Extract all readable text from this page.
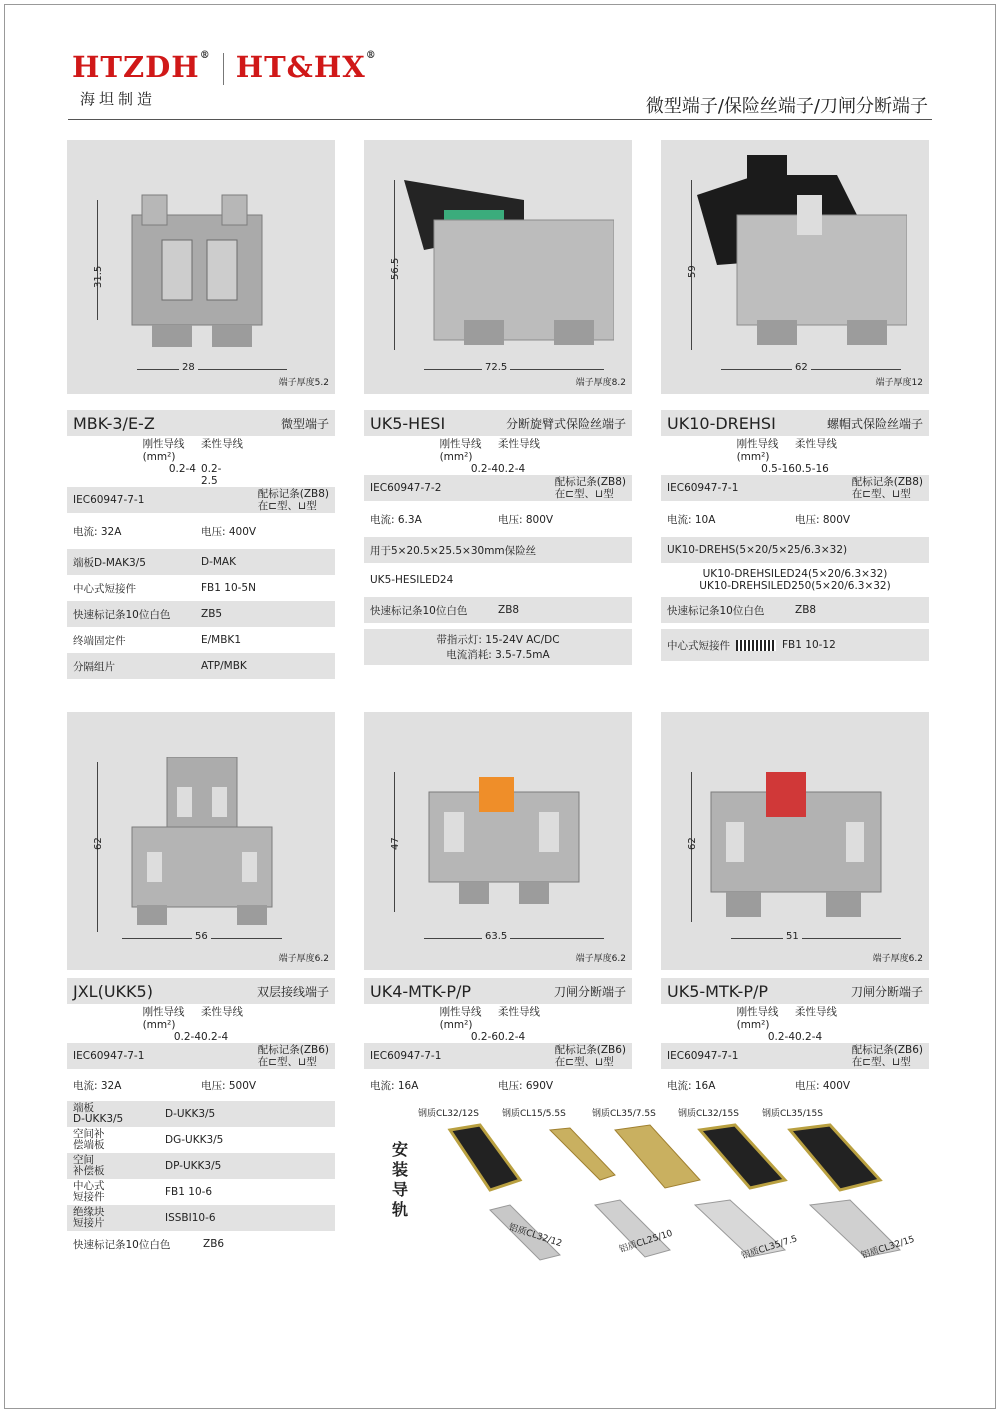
HTZDH® HT&HX®
海坦制造	微型端子/保险丝端子/刀闸分断端子
31.5
28
端子厚度5.2
MBK-3/E-Z	微型端子
刚性导线(mm²)
柔性导线
0.2-4 0.2-2.5
IEC60947-7-1	配标记条(ZB8)
在⊏型、⊔型
电流: 32A	电压: 400V
端板D-MAK3/5	D-MAK
中心式短接件	FB1 10-5N
快速标记条10位白色	ZB5
终端固定件	E/MBK1
分隔组片	ATP/MBK
56.5
72.5
端子厚度8.2
UK5-HESI	分断旋臂式保险丝端子
刚性导线(mm²)
柔性导线
0.2-4 0.2-4
IEC60947-7-2	配标记条(ZB8)
在⊏型、⊔型
电流: 6.3A	电压: 800V
用于5×20.5×25.5×30mm保险丝
UK5-HESILED24
快速标记条10位白色	ZB8
带指示灯: 15-24V AC/DC
电流消耗: 3.5-7.5mA
59
62
端子厚度12
UK10-DREHSI	螺帽式保险丝端子
刚性导线(mm²)
柔性导线
0.5-16 0.5-16
IEC60947-7-1	配标记条(ZB8)
在⊏型、⊔型
电流: 10A	电压: 800V
UK10-DREHS(5×20/5×25/6.3×32)
UK10-DREHSILED24(5×20/6.3×32)
UK10-DREHSILED250(5×20/6.3×32)
快速标记条10位白色	ZB8
中心式短接件	FB1 10-12
62
56
端子厚度6.2
JXL(UKK5)	双层接线端子
刚性导线(mm²)
柔性导线
0.2-4 0.2-4
IEC60947-7-1	配标记条(ZB6)
在⊏型、⊔型
电流: 32A	电压: 500V
端板
D-UKK3/5	D-UKK3/5
空间补
偿端板	DG-UKK3/5
空间
补偿板	DP-UKK3/5
中心式
短接件	FB1 10-6
绝缘块
短接片	ISSBI10-6
快速标记条10位白色	ZB6
47
63.5
端子厚度6.2
UK4-MTK-P/P	刀闸分断端子
刚性导线(mm²)
柔性导线
0.2-6 0.2-4
IEC60947-7-1	配标记条(ZB6)
在⊏型、⊔型
电流: 16A	电压: 690V
62
51
端子厚度6.2
UK5-MTK-P/P	刀闸分断端子
刚性导线(mm²)
柔性导线
0.2-4 0.2-4
IEC60947-7-1	配标记条(ZB6)
在⊏型、⊔型
电流: 16A	电压: 400V
安装导轨
钢质CL32/12S	钢质CL15/5.5S	钢质CL35/7.5S 钢质CL32/15S	钢质CL35/15S
铝质CL32/12	铝质CL25/10	铝质CL35/7.5	铝质CL32/15
